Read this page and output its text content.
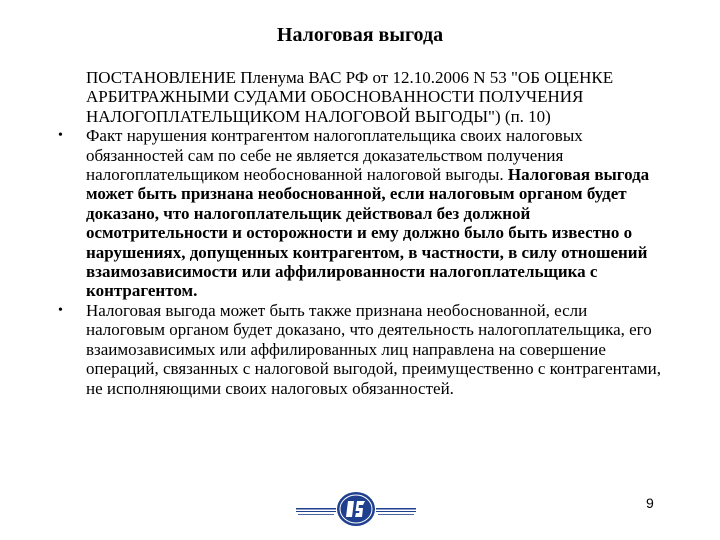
Налоговая выгода

ПОСТАНОВЛЕНИЕ Пленума ВАС РФ от 12.10.2006 N 53 "ОБ ОЦЕНКЕ АРБИТРАЖНЫМИ СУДАМИ ОБОСНОВАННОСТИ ПОЛУЧЕНИЯ НАЛОГОПЛАТЕЛЬЩИКОМ НАЛОГОВОЙ ВЫГОДЫ") (п. 10)

• Факт нарушения контрагентом налогоплательщика своих налоговых обязанностей сам по себе не является доказательством получения налогоплательщиком необоснованной налоговой выгоды. Налоговая выгода может быть признана необоснованной, если налоговым органом будет доказано, что налогоплательщик действовал без должной осмотрительности и осторожности и ему должно было быть известно о нарушениях, допущенных контрагентом, в частности, в силу отношений взаимозависимости или аффилированности налогоплательщика с контрагентом.

• Налоговая выгода может быть также признана необоснованной, если налоговым органом будет доказано, что деятельность налогоплательщика, его взаимозависимых или аффилированных лиц направлена на совершение операций, связанных с налоговой выгодой, преимущественно с контрагентами, не исполняющими своих налоговых обязанностей.

9
